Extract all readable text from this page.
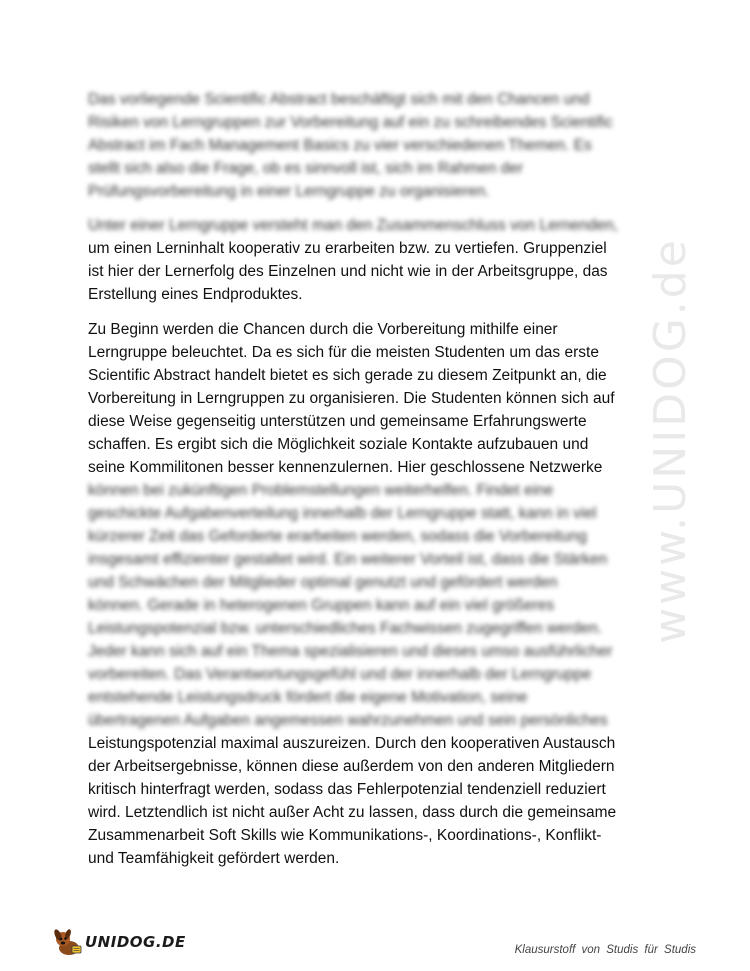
www.UNIDOG.de

Das vorliegende Scientific Abstract beschäftigt sich mit den Chancen und
Risiken von Lerngruppen zur Vorbereitung auf ein zu schreibendes Scientific
Abstract im Fach Management Basics zu vier verschiedenen Themen. Es
stellt sich also die Frage, ob es sinnvoll ist, sich im Rahmen der
Prüfungsvorbereitung in einer Lerngruppe zu organisieren.

Unter einer Lerngruppe versteht man den Zusammenschluss von Lernenden,
um einen Lerninhalt kooperativ zu erarbeiten bzw. zu vertiefen. Gruppenziel
ist hier der Lernerfolg des Einzelnen und nicht wie in der Arbeitsgruppe, das
Erstellung eines Endproduktes.

Zu Beginn werden die Chancen durch die Vorbereitung mithilfe einer
Lerngruppe beleuchtet. Da es sich für die meisten Studenten um das erste
Scientific Abstract handelt bietet es sich gerade zu diesem Zeitpunkt an, die
Vorbereitung in Lerngruppen zu organisieren. Die Studenten können sich auf
diese Weise gegenseitig unterstützen und gemeinsame Erfahrungswerte
schaffen. Es ergibt sich die Möglichkeit soziale Kontakte aufzubauen und
seine Kommilitonen besser kennenzulernen. Hier geschlossene Netzwerke
können bei zukünftigen Problemstellungen weiterhelfen. Findet eine
geschickte Aufgabenverteilung innerhalb der Lerngruppe statt, kann in viel
kürzerer Zeit das Geforderte erarbeiten werden, sodass die Vorbereitung
insgesamt effizienter gestaltet wird. Ein weiterer Vorteil ist, dass die Stärken
und Schwächen der Mitglieder optimal genutzt und gefördert werden
können. Gerade in heterogenen Gruppen kann auf ein viel größeres
Leistungspotenzial bzw. unterschiedliches Fachwissen zugegriffen werden.
Jeder kann sich auf ein Thema spezialisieren und dieses umso ausführlicher
vorbereiten. Das Verantwortungsgefühl und der innerhalb der Lerngruppe
entstehende Leistungsdruck fördert die eigene Motivation, seine
übertragenen Aufgaben angemessen wahrzunehmen und sein persönliches
Leistungspotenzial maximal auszureizen. Durch den kooperativen Austausch
der Arbeitsergebnisse, können diese außerdem von den anderen Mitgliedern
kritisch hinterfragt werden, sodass das Fehlerpotenzial tendenziell reduziert
wird. Letztendlich ist nicht außer Acht zu lassen, dass durch die gemeinsame
Zusammenarbeit Soft Skills wie Kommunikations-, Koordinations-, Konflikt-
und Teamfähigkeit gefördert werden.

UNIDOG.DE	Klausurstoff von Studis für Studis
